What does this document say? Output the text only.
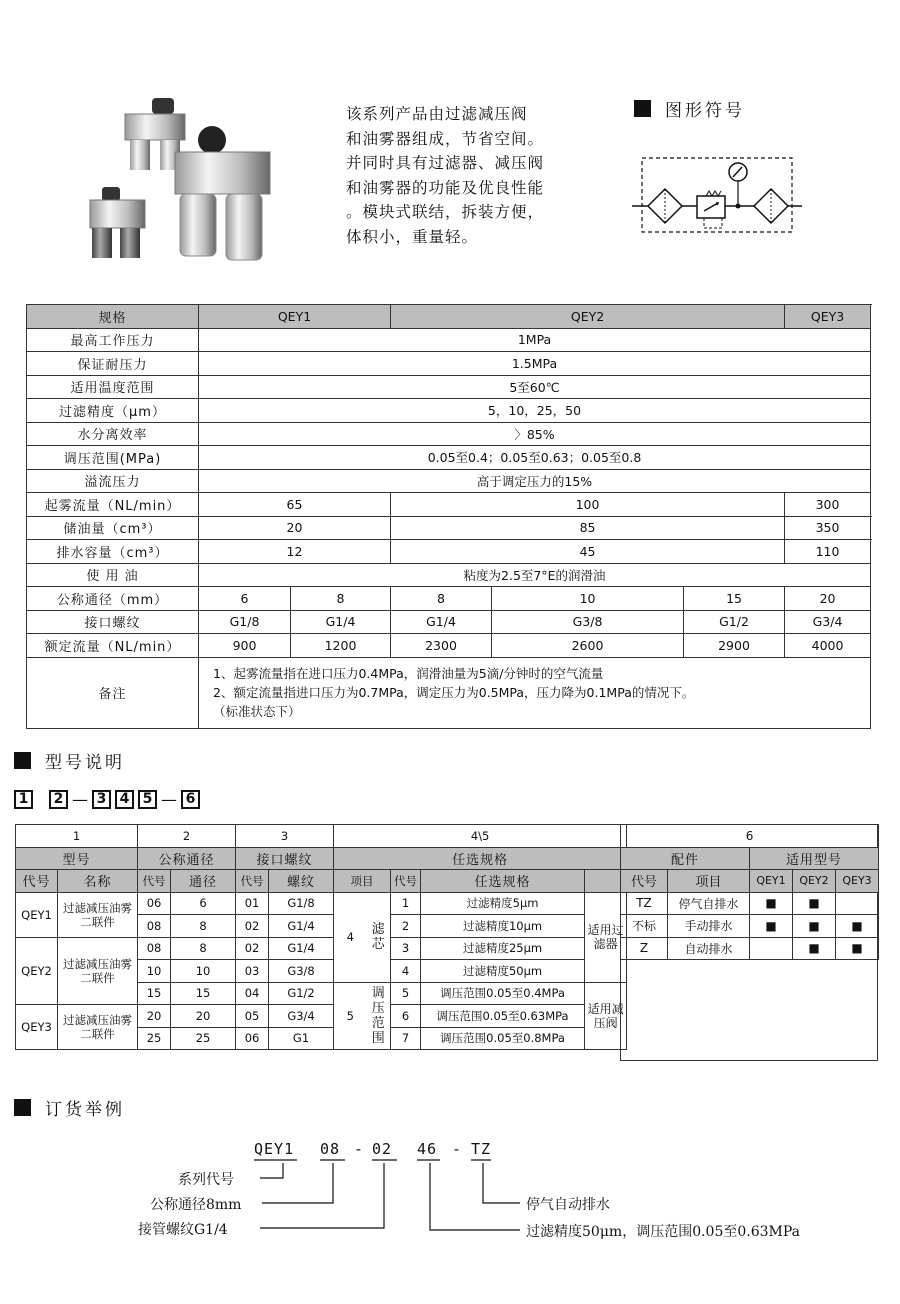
该系列产品由过滤减压阀
和油雾器组成，节省空间。
并同时具有过滤器、减压阀
和油雾器的功能及优良性能
。模块式联结，拆装方便，
体积小，重量轻。
图形符号
规格	QEY1		QEY2			QEY3	
最高工作压力	1MPa						
保证耐压力	1.5MPa						
适用温度范围	5至60℃						
过滤精度（μm）	5，10，25，50						
水分离效率	〉85%						
调压范围(MPa)	0.05至0.4；0.05至0.63；0.05至0.8						
溢流压力	高于调定压力的15%						
起雾流量（NL/min）	65		100			300	
储油量（cm³）	20		85			350	
排水容量（cm³）	12		45			110	
使 用 油	粘度为2.5至7°E的润滑油						
公称通径（mm）	6	8	8	10	15	20	
接口螺纹	G1/8	G1/4	G1/4	G3/8	G1/2	G3/4	
额定流量（NL/min）	900	1200	2300	2600	2900	4000	
备注	1、起雾流量指在进口压力0.4MPa，润滑油量为5滴/分钟时的空气流量
2、额定流量指进口压力为0.7MPa，调定压力为0.5MPa，压力降为0.1MPa的情况下。
（标准状态下）						
型号说明
1	2 — 3 4 5 — 6
1		2		3		4\5				
型号		公称通径		接口螺纹		任选规格				
代号	名称	代号	通径	代号	螺纹	项目		代号	任选规格	
QEY1	过滤减压油雾二联件	06	6	01	G1/8	4	滤芯	1	过滤精度5μm	适用过滤器
		08	8	02	G1/4			2	过滤精度10μm	
QEY2	过滤减压油雾二联件	08	8	02	G1/4			3	过滤精度25μm	
		10	10	03	G3/8			4	过滤精度50μm	
		15	15	04	G1/2	5	调压范围	5	调压范围0.05至0.4MPa	适用减压阀
QEY3	过滤减压油雾二联件	20	20	05	G3/4			6	调压范围0.05至0.63MPa	
		25	25	06	G1			7	调压范围0.05至0.8MPa	
6				
配件		适用型号		
代号	项目	QEY1	QEY2	QEY3
TZ	停气自排水	■	■	
不标	手动排水	■	■	■
Z	自动排水		■	■
订货举例
QEY1 08 - 02 46 - TZ
系列代号
公称通径8mm
接管螺纹G1/4
停气自动排水
过滤精度50μm，调压范围0.05至0.63MPa
